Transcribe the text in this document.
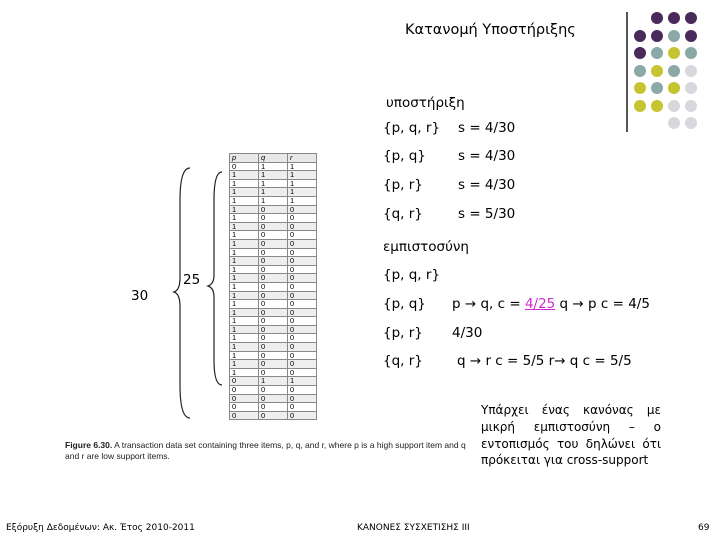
Κατανομή Υποστήριξης
υποστήριξη
{p, q, r} s = 4/30
{p, q} s = 4/30
{p, r}	s = 4/30
{q, r}	s = 5/30
εμπιστοσύνη
{p, q, r}
{p, q} p → q, c = 4/25 q → p c = 4/5
{p, r} 4/30
{q, r}	q → r c = 5/5 r→ q c = 5/5
30
25
p	q	r
0	1	1
1	1	1
1	1	1
1	1	1
1	1	1
1	0	0
1	0	0
1	0	0
1	0	0
1	0	0
1	0	0
1	0	0
1	0	0
1	0	0
1	0	0
1	0	0
1	0	0
1	0	0
1	0	0
1	0	0
1	0	0
1	0	0
1	0	0
1	0	0
1	0	0
0	1	1
0	0	0
0	0	0
0	0	0
0	0	0
Figure 6.30. A transaction data set containing three items, p, q, and r, where p is a high support item and q and r are low support items.
Υπάρχει ένας κανόνας με μικρή εμπιστοσύνη – ο εντοπισμός του δηλώνει ότι πρόκειται για cross-support
Εξόρυξη Δεδομένων: Ακ. Έτος 2010-2011	ΚΑΝΟΝΕΣ ΣΥΣΧΕΤΙΣΗΣ ΙΙΙ	69
